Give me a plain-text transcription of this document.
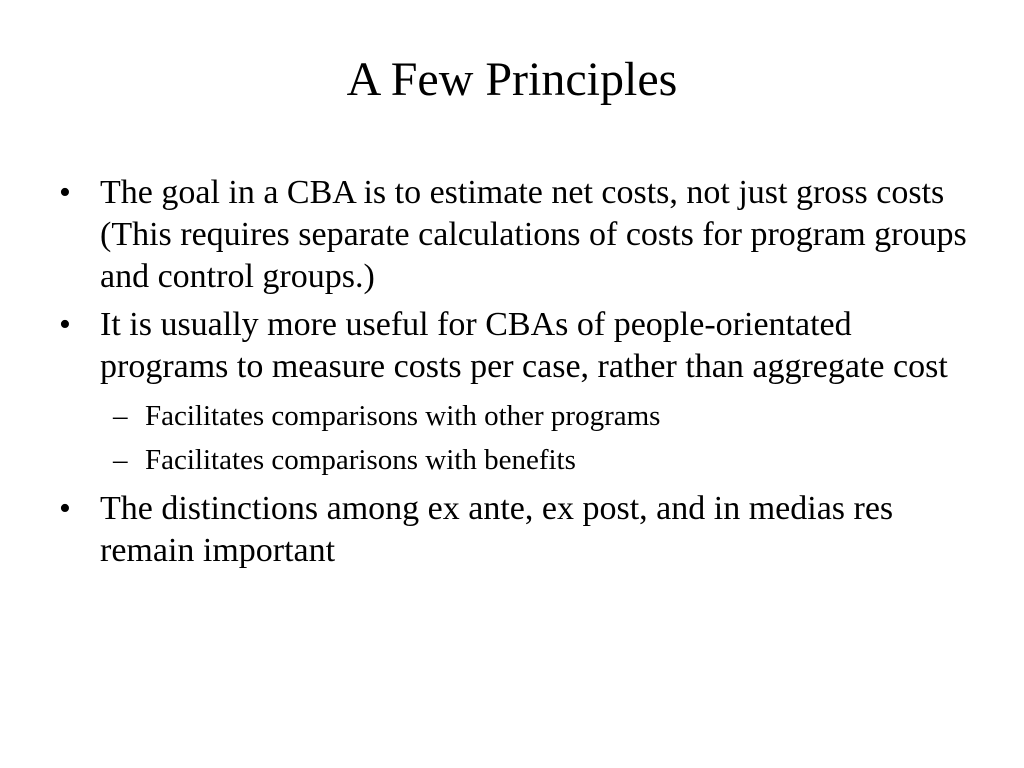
A Few Principles
• The goal in a CBA is to estimate net costs, not just gross costs (This requires separate calculations of costs for program groups and control groups.)
• It is usually more useful for CBAs of people-orientated programs to measure costs per case, rather than aggregate cost
– Facilitates comparisons with other programs
– Facilitates comparisons with benefits
• The distinctions among ex ante, ex post, and in medias res remain important
